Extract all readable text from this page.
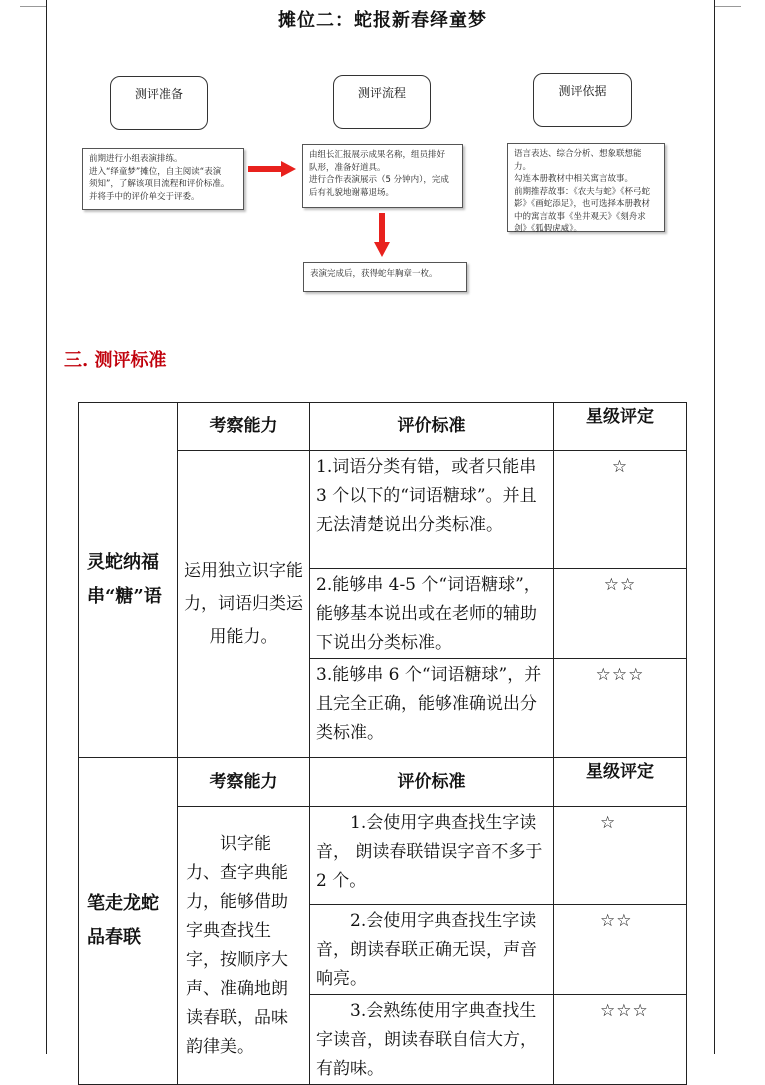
摊位二：蛇报新春绎童梦
测评准备	测评流程	测评依据
前期进行小组表演排练。
进入“绎童梦”摊位，自主阅读“表演
须知”，了解该项目流程和评价标准。
并将手中的评价单交于评委。
由组长汇报展示成果名称，组员排好
队形，准备好道具。
进行合作表演展示（5 分钟内），完成
后有礼貌地谢幕退场。
语言表达、综合分析、想象联想能力。
勾连本册教材中相关寓言故事。
前期推荐故事：《农夫与蛇》《杯弓蛇
影》《画蛇添足》，也可选择本册教材
中的寓言故事《坐井观天》《刻舟求
剑》《狐假虎威》。
表演完成后，获得蛇年胸章一枚。
三. 测评标准
灵蛇纳福串“糖”语	考察能力	评价标准	星级评定
	运用独立识字能力，词语归类运用能力。	1.词语分类有错，或者只能串 3 个以下的“词语糖球”。并且无法清楚说出分类标准。	☆
		2.能够串 4-5 个“词语糖球”，能够基本说出或在老师的辅助下说出分类标准。	☆☆
		3.能够串 6 个“词语糖球”，并且完全正确，能够准确说出分类标准。	☆☆☆
笔走龙蛇品春联	考察能力	评价标准	星级评定
	识字能力、查字典能力，能够借助字典查找生字，按顺序大声、准确地朗读春联，品味韵律美。	1.会使用字典查找生字读音， 朗读春联错误字音不多于 2 个。	☆
		2.会使用字典查找生字读音，朗读春联正确无误，声音响亮。	☆☆
		3.会熟练使用字典查找生字读音，朗读春联自信大方，有韵味。	☆☆☆
